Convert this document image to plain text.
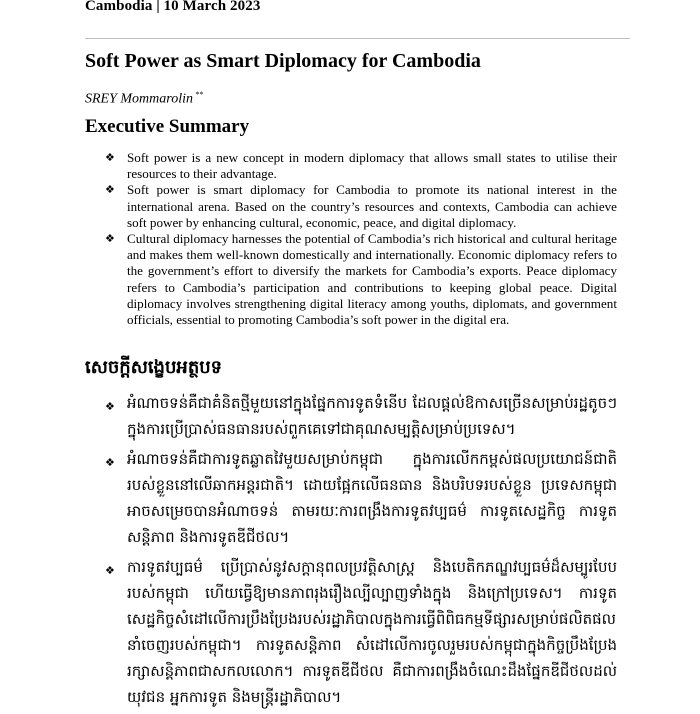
Cambodia | 10 March 2023
Soft Power as Smart Diplomacy for Cambodia
SREY Mommarolin **
Executive Summary
❖ Soft power is a new concept in modern diplomacy that allows small states to utilise their resources to their advantage.
❖ Soft power is smart diplomacy for Cambodia to promote its national interest in the international arena. Based on the country’s resources and contexts, Cambodia can achieve soft power by enhancing cultural, economic, peace, and digital diplomacy.
❖ Cultural diplomacy harnesses the potential of Cambodia’s rich historical and cultural heritage and makes them well-known domestically and internationally. Economic diplomacy refers to the government’s effort to diversify the markets for Cambodia’s exports. Peace diplomacy refers to Cambodia’s participation and contributions to keeping global peace. Digital diplomacy involves strengthening digital literacy among youths, diplomats, and government officials, essential to promoting Cambodia’s soft power in the digital era.
សេចក្តីសង្ខេបអត្ថបទ
❖ អំណាចទន់គឺជាគំនិតថ្មីមួយនៅក្នុងផ្នែកការទូតទំនើប ដែលផ្តល់ឱកាសច្រើនសម្រាប់រដ្ឋតូចៗ ក្នុងការប្រើប្រាស់ធនធានរបស់ពួកគេទៅជាគុណសម្បត្តិសម្រាប់ប្រទេស។
❖ អំណាចទន់គឺជាការទូតឆ្លាតវៃមួយសម្រាប់កម្ពុជា ក្នុងការលើកកម្ពស់ផលប្រយោជន៍ជាតិរបស់ខ្លួននៅលើឆាកអន្តរជាតិ។ ដោយផ្អែកលើធនធាន និងបរិបទរបស់ខ្លួន ប្រទេសកម្ពុជាអាចសម្រេចបានអំណាចទន់ តាមរយៈការពង្រឹងការទូតវប្បធម៌ ការទូតសេដ្ឋកិច្ច ការទូតសន្តិភាព និងការទូតឌីជីថល។
❖ ការទូតវប្បធម៌ ប្រើប្រាស់នូវសក្តានុពលប្រវត្តិសាស្ត្រ និងបេតិកភណ្ឌវប្បធម៌ដ៏សម្បូរបែបរបស់កម្ពុជា ហើយធ្វើឱ្យមានភាពរុងរឿងល្បីល្បាញទាំងក្នុង និងក្រៅប្រទេស។ ការទូតសេដ្ឋកិច្ចសំដៅលើការប្រឹងប្រែងរបស់រដ្ឋាភិបាលក្នុងការធ្វើពិពិធកម្មទីផ្សារសម្រាប់ផលិតផលនាំចេញរបស់កម្ពុជា។ ការទូតសន្តិភាព សំដៅលើការចូលរួមរបស់កម្ពុជាក្នុងកិច្ចប្រឹងប្រែងរក្សាសន្តិភាពជាសកលលោក។ ការទូតឌីជីថល គឺជាការពង្រឹងចំណេះដឹងផ្នែកឌីជីថលដល់យុវជន អ្នកការទូត និងមន្ត្រីរដ្ឋាភិបាល។
